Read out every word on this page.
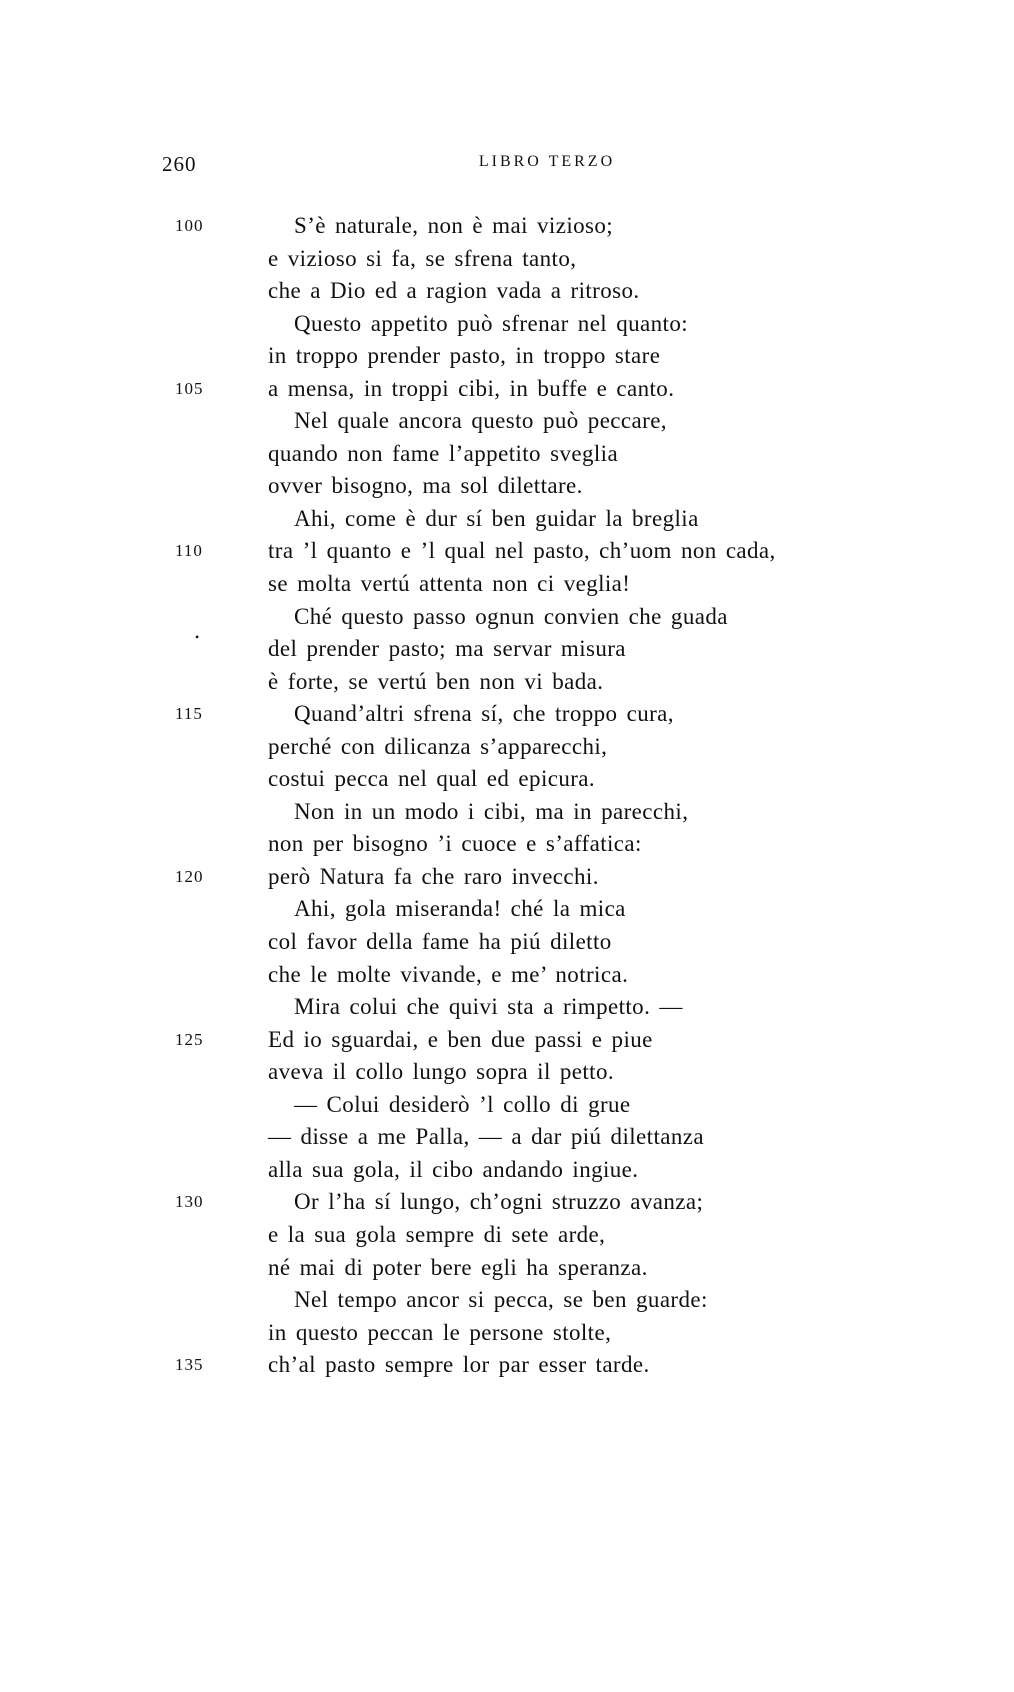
260	LIBRO TERZO
•
100	S’è naturale, non è mai vizioso;
e vizioso si fa, se sfrena tanto,
che a Dio ed a ragion vada a ritroso.
Questo appetito può sfrenar nel quanto:
in troppo prender pasto, in troppo stare
105	a mensa, in troppi cibi, in buffe e canto.
Nel quale ancora questo può peccare,
quando non fame l’appetito sveglia
ovver bisogno, ma sol dilettare.
Ahi, come è dur sí ben guidar la breglia
110	tra ’l quanto e ’l qual nel pasto, ch’uom non cada,
se molta vertú attenta non ci veglia!
Ché questo passo ognun convien che guada
del prender pasto; ma servar misura
è forte, se vertú ben non vi bada.
115	Quand’altri sfrena sí, che troppo cura,
perché con dilicanza s’apparecchi,
costui pecca nel qual ed epicura.
Non in un modo i cibi, ma in parecchi,
non per bisogno ’i cuoce e s’affatica:
120	però Natura fa che raro invecchi.
Ahi, gola miseranda! ché la mica
col favor della fame ha piú diletto
che le molte vivande, e me’ notrica.
Mira colui che quivi sta a rimpetto. —
125	Ed io sguardai, e ben due passi e piue
aveva il collo lungo sopra il petto.
— Colui desiderò ’l collo di grue
— disse a me Palla, — a dar piú dilettanza
alla sua gola, il cibo andando ingiue.
130	Or l’ha sí lungo, ch’ogni struzzo avanza;
e la sua gola sempre di sete arde,
né mai di poter bere egli ha speranza.
Nel tempo ancor si pecca, se ben guarde:
in questo peccan le persone stolte,
135	ch’al pasto sempre lor par esser tarde.
